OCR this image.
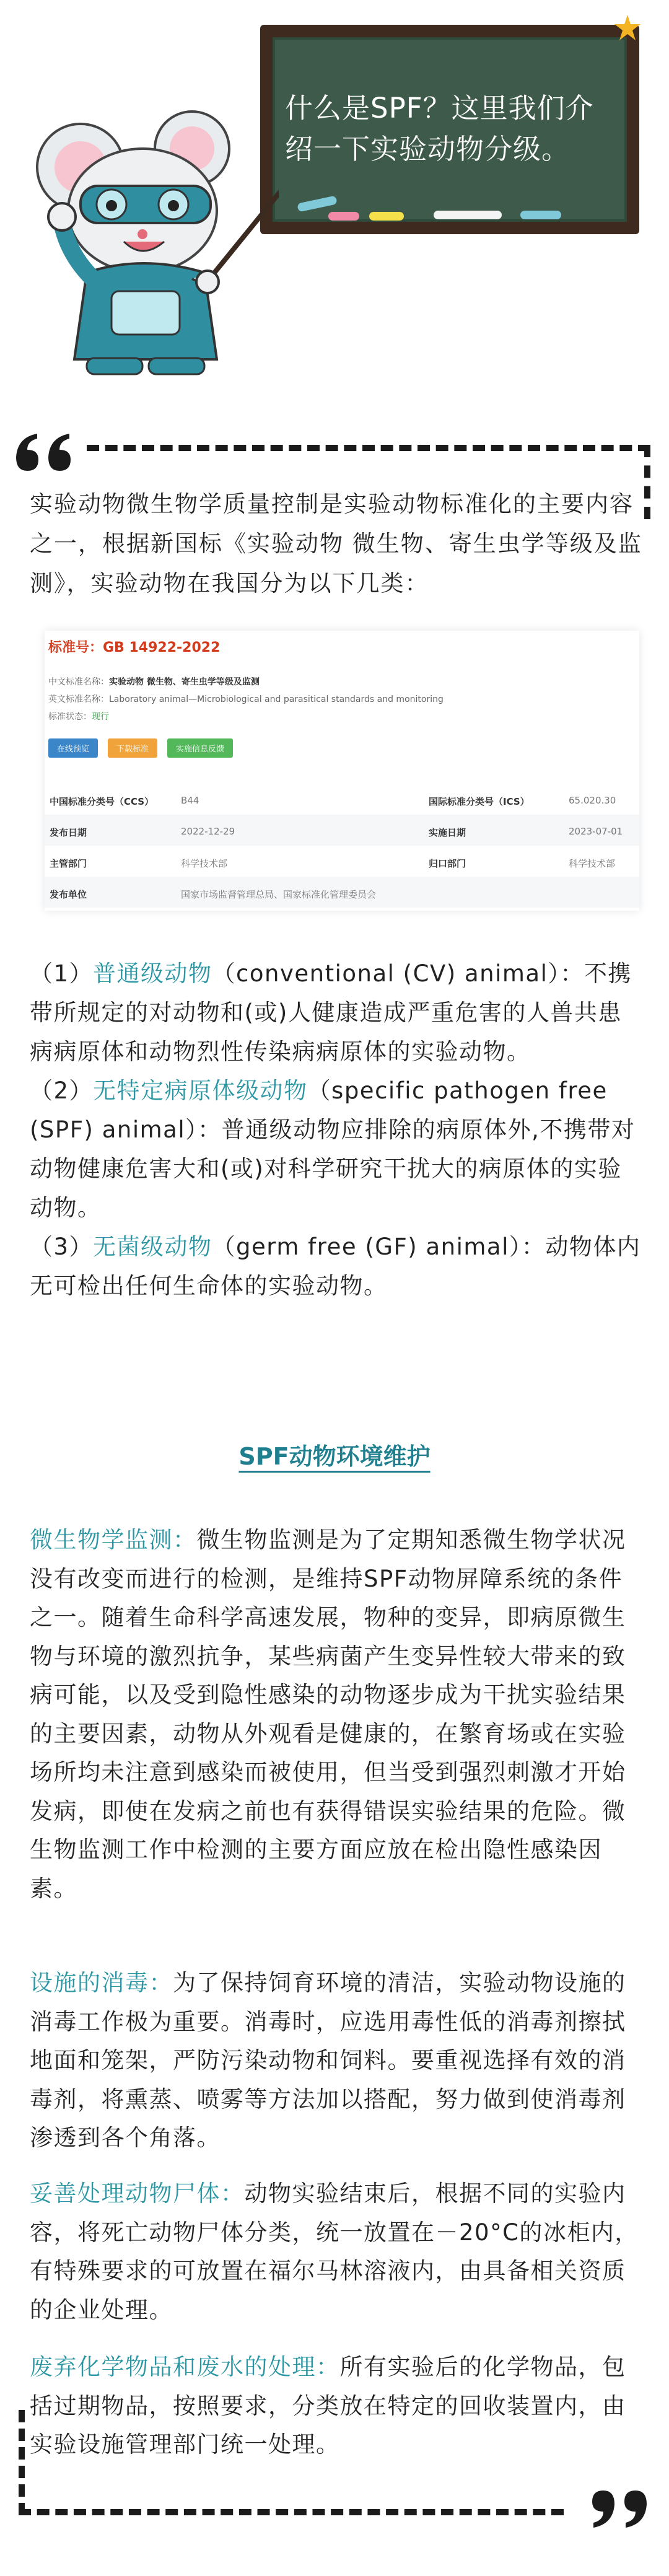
什么是SPF？这里我们介绍一下实验动物分级。
实验动物微生物学质量控制是实验动物标准化的主要内容之一，根据新国标《实验动物 微生物、寄生虫学等级及监测》，实验动物在我国分为以下几类：
标准号：GB 14922-2022
中文标准名称：实验动物 微生物、寄生虫学等级及监测
英文标准名称：Laboratory animal—Microbiological and parasitical standards and monitoring
标准状态：现行
在线预览	下载标准	实施信息反馈
中国标准分类号（CCS）	B44	国际标准分类号（ICS）	65.020.30
发布日期	2022-12-29	实施日期	2023-07-01
主管部门	科学技术部	归口部门	科学技术部
发布单位	国家市场监督管理总局、国家标准化管理委员会
（1）普通级动物（conventional (CV) animal）：不携带所规定的对动物和(或)人健康造成严重危害的人兽共患病病原体和动物烈性传染病病原体的实验动物。
（2）无特定病原体级动物（specific pathogen free (SPF) animal）：普通级动物应排除的病原体外,不携带对动物健康危害大和(或)对科学研究干扰大的病原体的实验动物。
（3）无菌级动物（germ free (GF) animal）：动物体内无可检出任何生命体的实验动物。
SPF动物环境维护
微生物学监测：微生物监测是为了定期知悉微生物学状况没有改变而进行的检测，是维持SPF动物屏障系统的条件之一。随着生命科学高速发展，物种的变异，即病原微生物与环境的激烈抗争，某些病菌产生变异性较大带来的致病可能，以及受到隐性感染的动物逐步成为干扰实验结果的主要因素，动物从外观看是健康的，在繁育场或在实验场所均未注意到感染而被使用，但当受到强烈刺激才开始发病，即使在发病之前也有获得错误实验结果的危险。微生物监测工作中检测的主要方面应放在检出隐性感染因素。
设施的消毒：为了保持饲育环境的清洁，实验动物设施的消毒工作极为重要。消毒时，应选用毒性低的消毒剂擦拭地面和笼架，严防污染动物和饲料。要重视选择有效的消毒剂，将熏蒸、喷雾等方法加以搭配，努力做到使消毒剂渗透到各个角落。
妥善处理动物尸体：动物实验结束后，根据不同的实验内容，将死亡动物尸体分类，统一放置在－20°C的冰柜内，有特殊要求的可放置在福尔马林溶液内，由具备相关资质的企业处理。
废弃化学物品和废水的处理：所有实验后的化学物品，包括过期物品，按照要求，分类放在特定的回收装置内，由实验设施管理部门统一处理。
